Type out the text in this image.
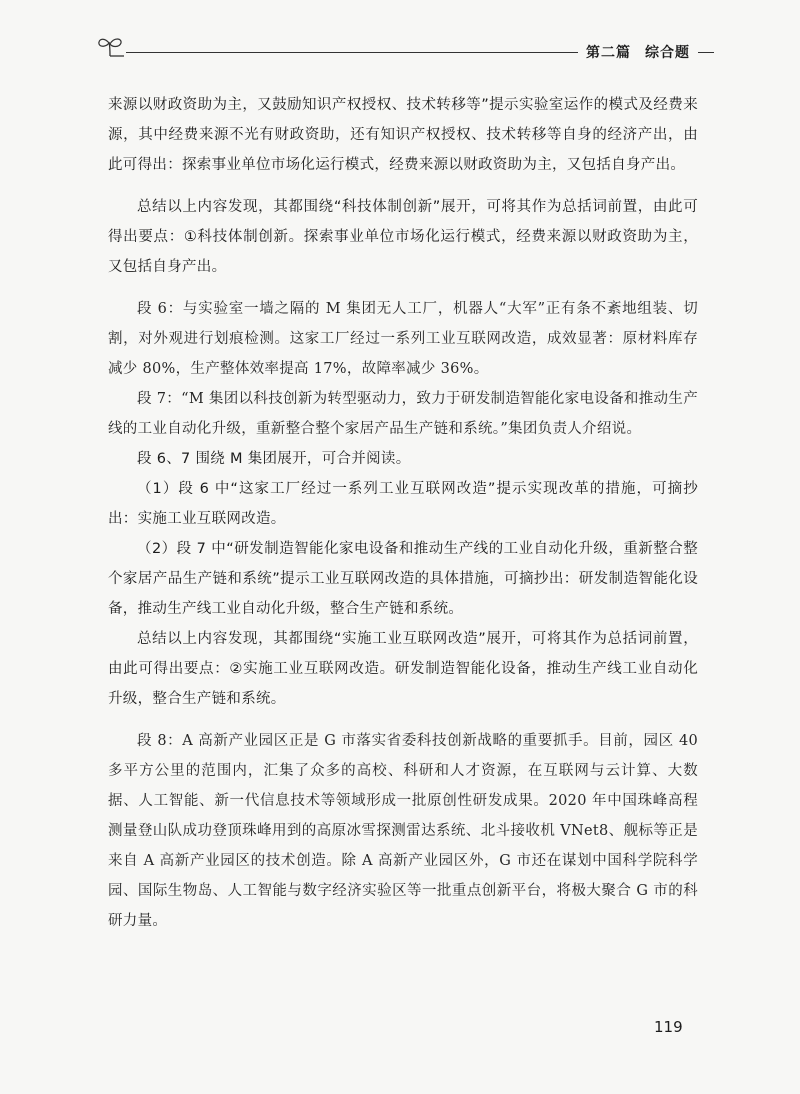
第二篇 综合题

来源以财政资助为主，又鼓励知识产权授权、技术转移等”提示实验室运作的模式及经费来源，其中经费来源不光有财政资助，还有知识产权授权、技术转移等自身的经济产出，由此可得出：探索事业单位市场化运行模式，经费来源以财政资助为主，又包括自身产出。

总结以上内容发现，其都围绕“科技体制创新”展开，可将其作为总括词前置，由此可得出要点：①科技体制创新。探索事业单位市场化运行模式，经费来源以财政资助为主，又包括自身产出。

段 6：与实验室一墙之隔的 M 集团无人工厂，机器人“大军”正有条不紊地组装、切割，对外观进行划痕检测。这家工厂经过一系列工业互联网改造，成效显著：原材料库存减少 80%，生产整体效率提高 17%，故障率减少 36%。

段 7：“M 集团以科技创新为转型驱动力，致力于研发制造智能化家电设备和推动生产线的工业自动化升级，重新整合整个家居产品生产链和系统。”集团负责人介绍说。

段 6、7 围绕 M 集团展开，可合并阅读。

（1）段 6 中“这家工厂经过一系列工业互联网改造”提示实现改革的措施，可摘抄出：实施工业互联网改造。

（2）段 7 中“研发制造智能化家电设备和推动生产线的工业自动化升级，重新整合整个家居产品生产链和系统”提示工业互联网改造的具体措施，可摘抄出：研发制造智能化设备，推动生产线工业自动化升级，整合生产链和系统。

总结以上内容发现，其都围绕“实施工业互联网改造”展开，可将其作为总括词前置，由此可得出要点：②实施工业互联网改造。研发制造智能化设备，推动生产线工业自动化升级，整合生产链和系统。

段 8：A 高新产业园区正是 G 市落实省委科技创新战略的重要抓手。目前，园区 40 多平方公里的范围内，汇集了众多的高校、科研和人才资源，在互联网与云计算、大数据、人工智能、新一代信息技术等领域形成一批原创性研发成果。2020 年中国珠峰高程测量登山队成功登顶珠峰用到的高原冰雪探测雷达系统、北斗接收机 VNet8、舰标等正是来自 A 高新产业园区的技术创造。除 A 高新产业园区外，G 市还在谋划中国科学院科学园、国际生物岛、人工智能与数字经济实验区等一批重点创新平台，将极大聚合 G 市的科研力量。

119
